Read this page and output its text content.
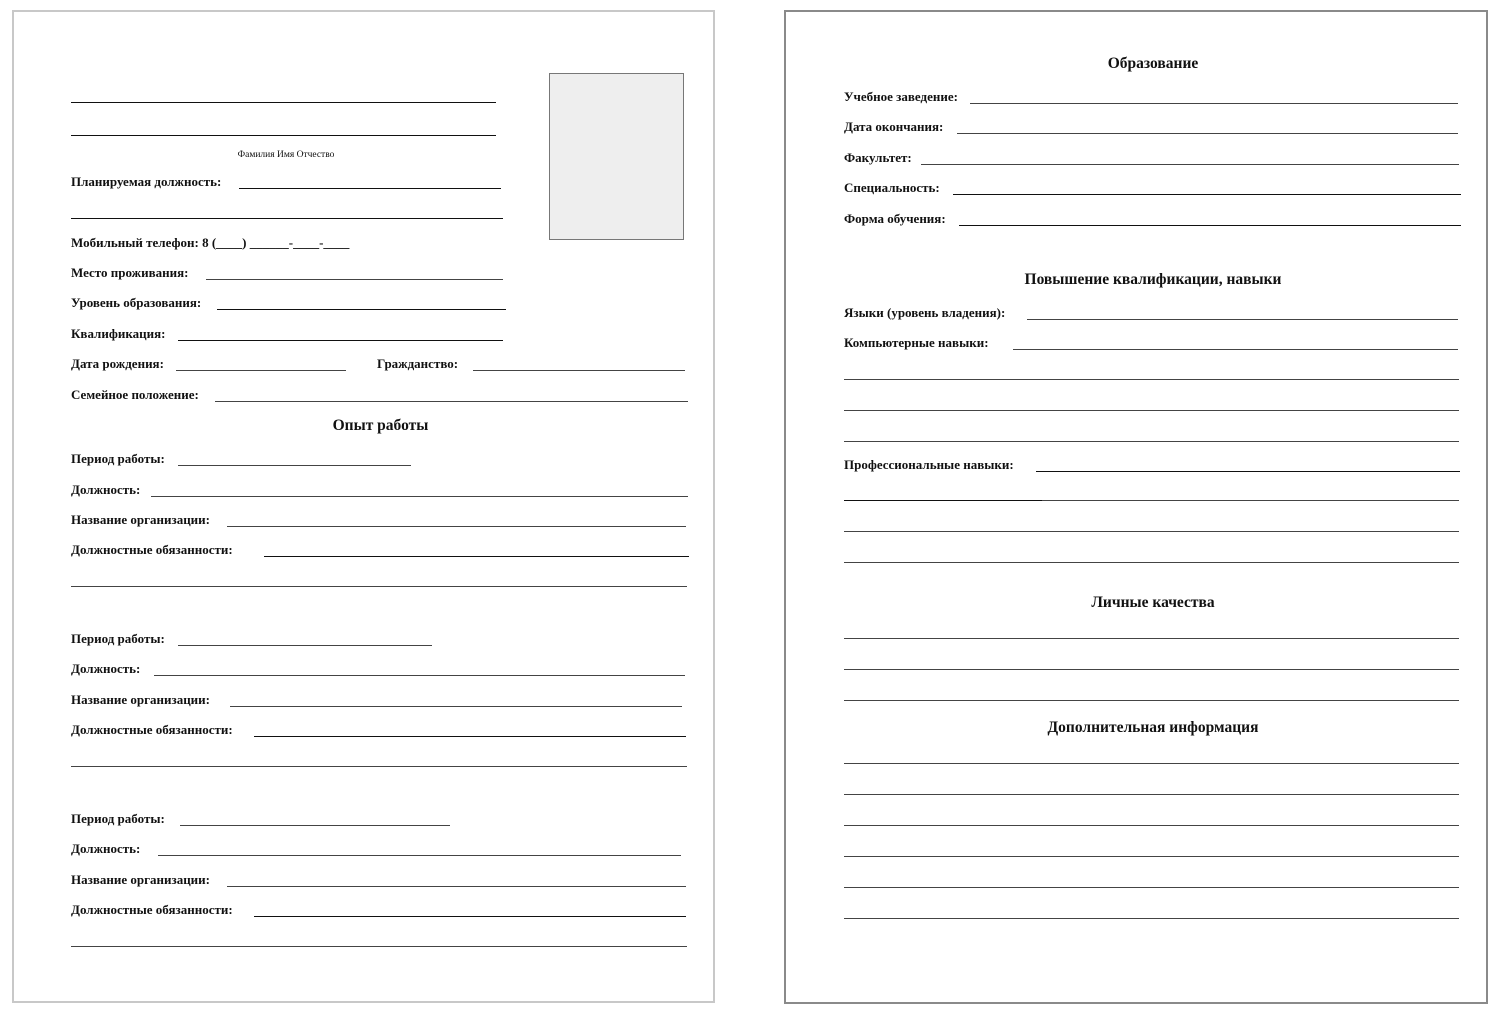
Фамилия Имя Отчество
Планируемая должность:
Мобильный телефон: 8 (____) ______-____-____
Место проживания:
Уровень образования:
Квалификация:
Дата рождения:	Гражданство:
Семейное положение:
Опыт работы
Период работы:
Должность:
Название организации:
Должностные обязанности:
Период работы:
Должность:
Название организации:
Должностные обязанности:
Период работы:
Должность:
Название организации:
Должностные обязанности:
Образование
Учебное заведение:
Дата окончания:
Факультет:
Специальность:
Форма обучения:
Повышение квалификации, навыки
Языки (уровень владения):
Компьютерные навыки:
Профессиональные навыки:
Личные качества
Дополнительная информация
